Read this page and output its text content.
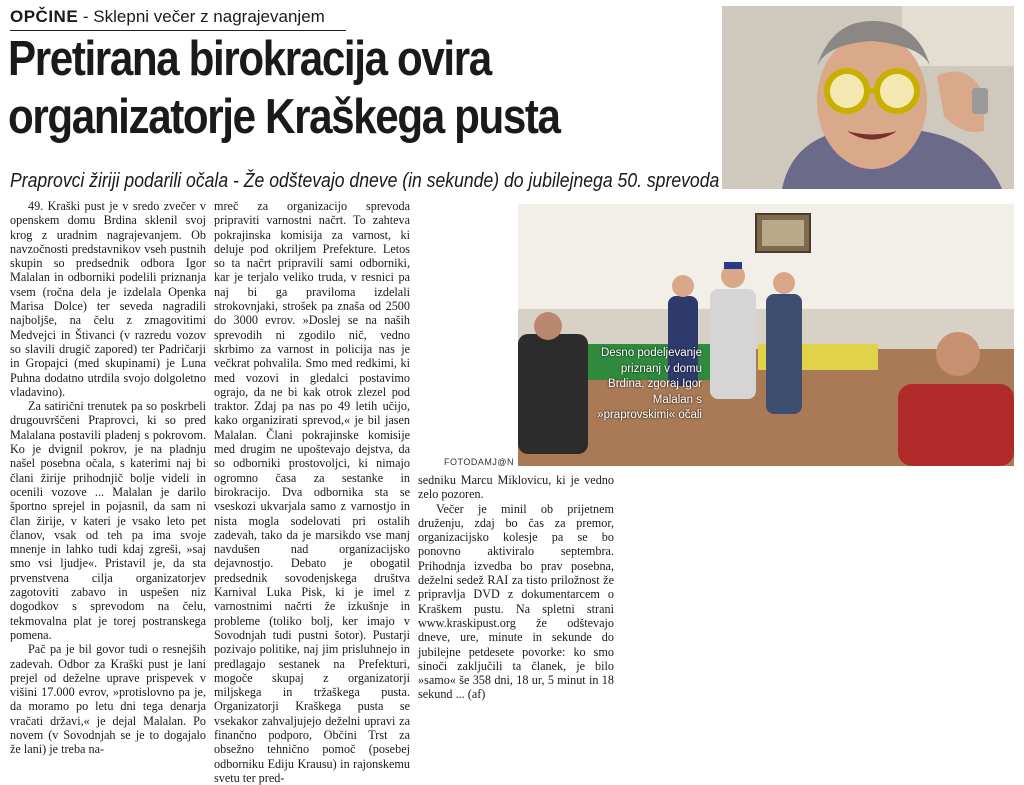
OPČINE - Sklepni večer z nagrajevanjem
Pretirana birokracija ovira
organizatorje Kraškega pusta
Praprovci žiriji podarili očala - Že odštevajo dneve (in sekunde) do jubilejnega 50. sprevoda
Desno podeljevanje priznanj v domu Brdina, zgoraj Igor Malalan s »praprovskimi« očali
FOTODAMJ@N

49. Kraški pust je v sredo zvečer v openskem domu Brdina sklenil svoj krog z uradnim nagrajevanjem. Ob navzočnosti predstavnikov vseh pustnih skupin so predsednik odbora Igor Malalan in odborniki podelili priznanja vsem (ročna dela je izdelala Openka Marisa Dolce) ter seveda nagradili najboljše, na čelu z zmagovitimi Medvejci in Štivanci (v razredu vozov so slavili drugič zapored) ter Padričarji in Gropajci (med skupinami) je Luna Puhna dodatno utrdila svojo dolgoletno vladavino).

Za satirični trenutek pa so poskrbeli drugouvrščeni Praprovci, ki so pred Malalana postavili pladenj s pokrovom. Ko je dvignil pokrov, je na pladnju našel posebna očala, s katerimi naj bi člani žirije prihodnjič bolje videli in ocenili vozove ... Malalan je darilo športno sprejel in pojasnil, da sam ni član žirije, v kateri je vsako leto pet članov, vsak od teh pa ima svoje mnenje in lahko tudi kdaj zgreši, »saj smo vsi ljudje«. Pristavil je, da sta prvenstvena cilja organizatorjev zagotoviti zabavo in uspešen niz dogodkov s sprevodom na čelu, tekmovalna plat je torej postranskega pomena.

Pač pa je bil govor tudi o resnejših zadevah. Odbor za Kraški pust je lani prejel od deželne uprave prispevek v višini 17.000 evrov, »protislovno pa je, da moramo po letu dni tega denarja vračati državi,« je dejal Malalan. Po novem (v Sovodnjah se je to dogajalo že lani) je treba na-

mreč za organizacijo sprevoda pripraviti varnostni načrt. To zahteva pokrajinska komisija za varnost, ki deluje pod okriljem Prefekture. Letos so ta načrt pripravili sami odborniki, kar je terjalo veliko truda, v resnici pa naj bi ga praviloma izdelali strokovnjaki, strošek pa znaša od 2500 do 3000 evrov. »Doslej se na naših sprevodih ni zgodilo nič, vedno skrbimo za varnost in policija nas je večkrat pohvalila. Smo med redkimi, ki med vozovi in gledalci postavimo ograjo, da ne bi kak otrok zlezel pod traktor. Zdaj pa nas po 49 letih učijo, kako organizirati sprevod,« je bil jasen Malalan. Člani pokrajinske komisije med drugim ne upoštevajo dejstva, da so odborniki prostovoljci, ki nimajo ogromno časa za sestanke in birokracijo. Dva odbornika sta se vseskozi ukvarjala samo z varnostjo in nista mogla sodelovati pri ostalih zadevah, tako da je marsikdo vse manj navdušen nad organizacijsko dejavnostjo. Debato je obogatil predsednik sovodenjskega društva Karnival Luka Pisk, ki je imel z varnostnimi načrti že izkušnje in probleme (toliko bolj, ker imajo v Sovodnjah tudi pustni šotor). Pustarji pozivajo politike, naj jim prisluhnejo in predlagajo sestanek na Prefekturi, mogoče skupaj z organizatorji miljskega in tržaškega pusta. Organizatorji Kraškega pusta se vsekakor zahvaljujejo deželni upravi za finančno podporo, Občini Trst za obsežno tehnično pomoč (posebej odborniku Ediju Krausu) in rajonskemu svetu ter pred-

sedniku Marcu Miklovicu, ki je vedno zelo pozoren.

Večer je minil ob prijetnem druženju, zdaj bo čas za premor, organizacijsko kolesje pa se bo ponovno aktiviralo septembra. Prihodnja izvedba bo prav posebna, deželni sedež RAI za tisto priložnost že pripravlja DVD z dokumentarcem o Kraškem pustu. Na spletni strani www.kraskipust.org že odštevajo dneve, ure, minute in sekunde do jubilejne petdesete povorke: ko smo sinoči zaključili ta članek, je bilo »samo« še 358 dni, 18 ur, 5 minut in 18 sekund ... (af)
